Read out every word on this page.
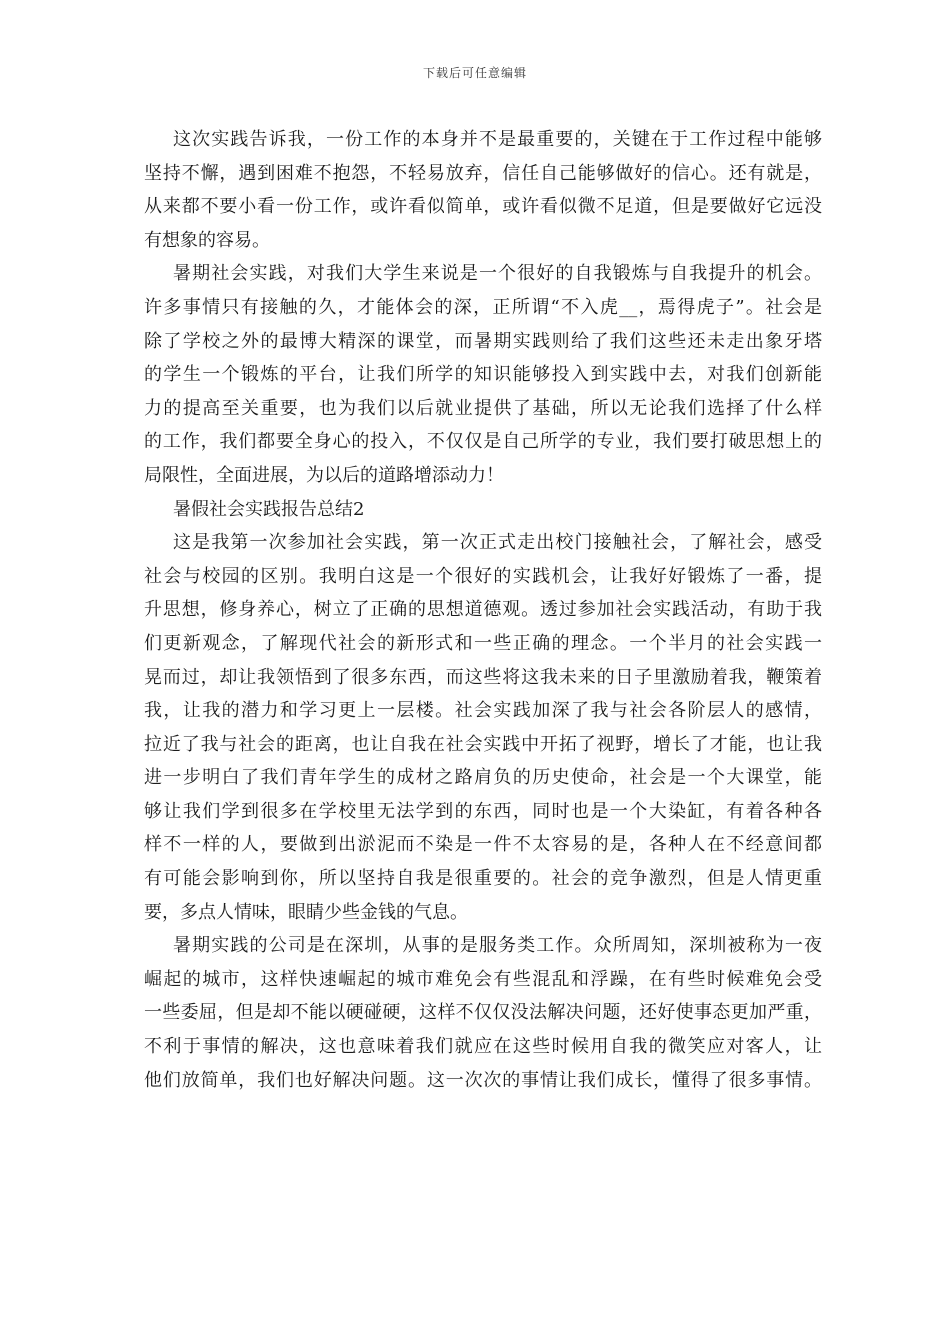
下载后可任意编辑
这次实践告诉我，一份工作的本身并不是最重要的，关键在于工作过程中能够
坚持不懈，遇到困难不抱怨，不轻易放弃，信任自己能够做好的信心。还有就是，
从来都不要小看一份工作，或许看似简单，或许看似微不足道，但是要做好它远没
有想象的容易。
暑期社会实践，对我们大学生来说是一个很好的自我锻炼与自我提升的机会。
许多事情只有接触的久，才能体会的深，正所谓“不入虎__，焉得虎子”。社会是
除了学校之外的最博大精深的课堂，而暑期实践则给了我们这些还未走出象牙塔
的学生一个锻炼的平台，让我们所学的知识能够投入到实践中去，对我们创新能
力的提高至关重要，也为我们以后就业提供了基础，所以无论我们选择了什么样
的工作，我们都要全身心的投入，不仅仅是自己所学的专业，我们要打破思想上的
局限性，全面进展，为以后的道路增添动力！
暑假社会实践报告总结2
这是我第一次参加社会实践，第一次正式走出校门接触社会，了解社会，感受
社会与校园的区别。我明白这是一个很好的实践机会，让我好好锻炼了一番，提
升思想，修身养心，树立了正确的思想道德观。透过参加社会实践活动，有助于我
们更新观念，了解现代社会的新形式和一些正确的理念。一个半月的社会实践一
晃而过，却让我领悟到了很多东西，而这些将这我未来的日子里激励着我，鞭策着
我，让我的潜力和学习更上一层楼。社会实践加深了我与社会各阶层人的感情，
拉近了我与社会的距离，也让自我在社会实践中开拓了视野，增长了才能，也让我
进一步明白了我们青年学生的成材之路肩负的历史使命，社会是一个大课堂，能
够让我们学到很多在学校里无法学到的东西，同时也是一个大染缸，有着各种各
样不一样的人，要做到出淤泥而不染是一件不太容易的是，各种人在不经意间都
有可能会影响到你，所以坚持自我是很重要的。社会的竞争激烈，但是人情更重
要，多点人情味，眼睛少些金钱的气息。
暑期实践的公司是在深圳，从事的是服务类工作。众所周知，深圳被称为一夜
崛起的城市，这样快速崛起的城市难免会有些混乱和浮躁，在有些时候难免会受
一些委屈，但是却不能以硬碰硬，这样不仅仅没法解决问题，还好使事态更加严重，
不利于事情的解决，这也意味着我们就应在这些时候用自我的微笑应对客人，让
他们放简单，我们也好解决问题。这一次次的事情让我们成长，懂得了很多事情。
